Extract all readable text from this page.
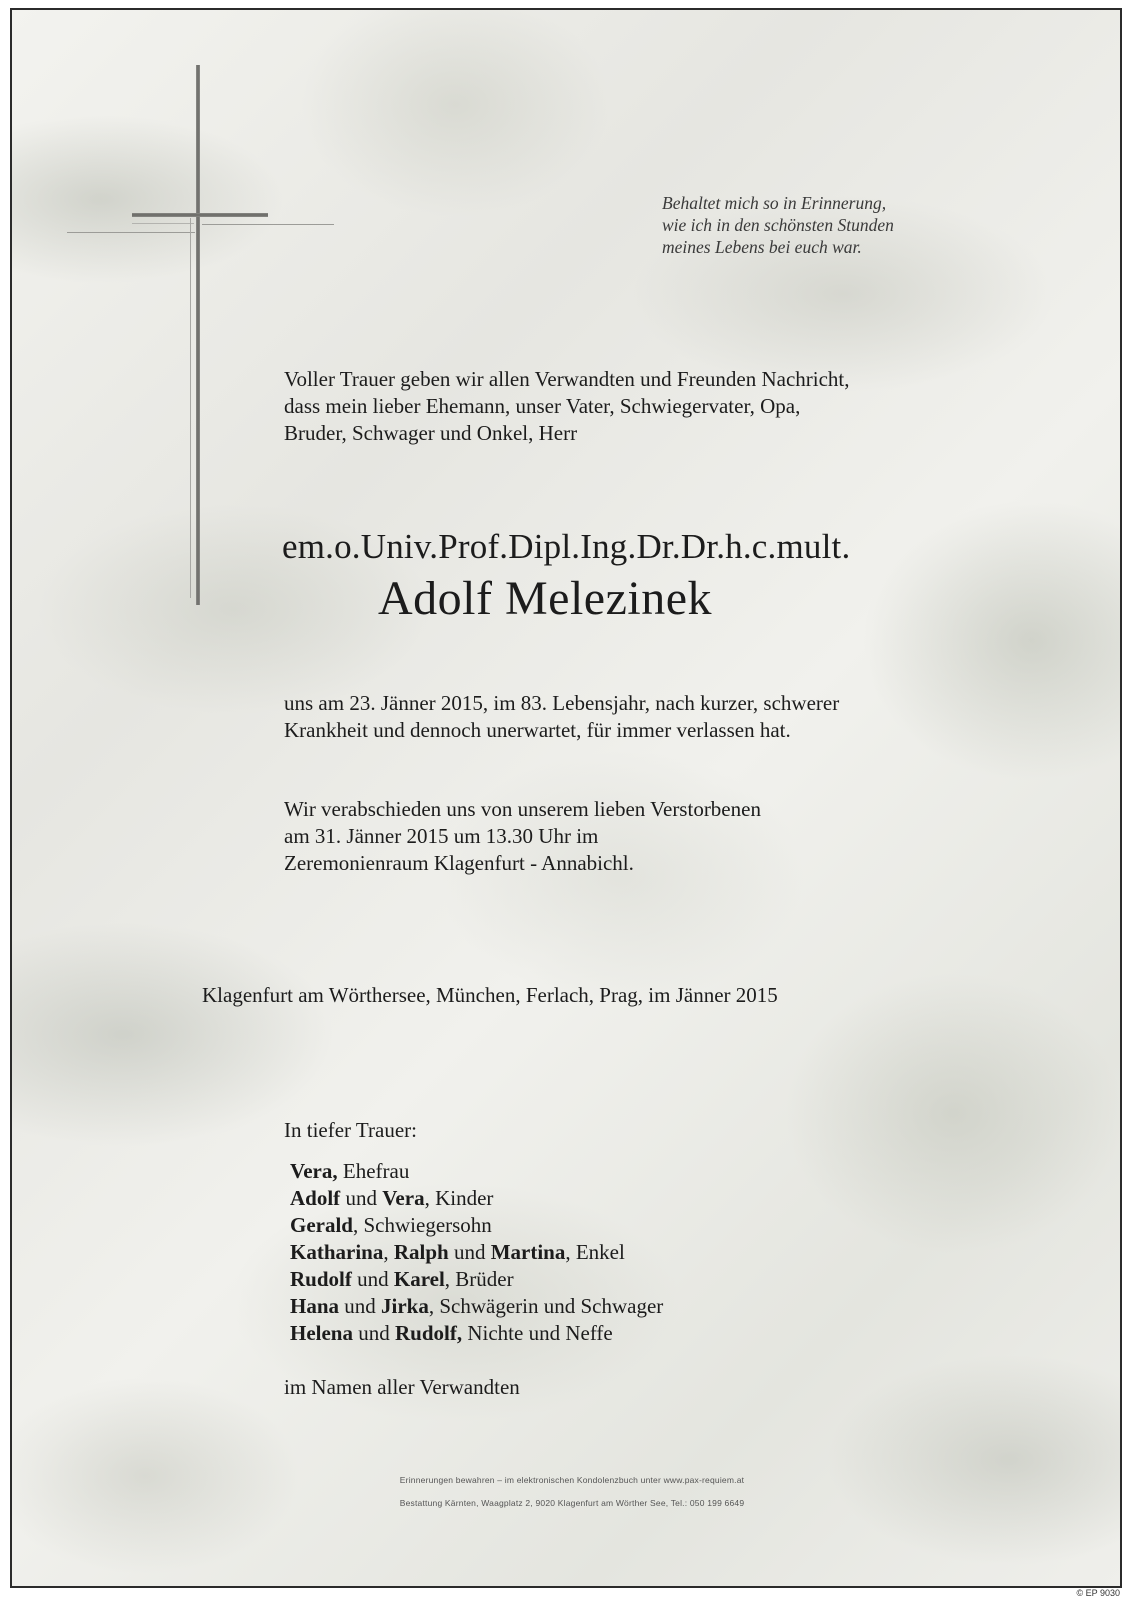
Behaltet mich so in Erinnerung,
wie ich in den schönsten Stunden
meines Lebens bei euch war.
Voller Trauer geben wir allen Verwandten und Freunden Nachricht,
dass mein lieber Ehemann, unser Vater, Schwiegervater, Opa,
Bruder, Schwager und Onkel, Herr
em.o.Univ.Prof.Dipl.Ing.Dr.Dr.h.c.mult.
Adolf Melezinek
uns am 23. Jänner 2015, im 83. Lebensjahr, nach kurzer, schwerer
Krankheit und dennoch unerwartet, für immer verlassen hat.
Wir verabschieden uns von unserem lieben Verstorbenen
am 31. Jänner 2015 um 13.30 Uhr im
Zeremonienraum Klagenfurt - Annabichl.
Klagenfurt am Wörthersee, München, Ferlach, Prag, im Jänner 2015
In tiefer Trauer:
Vera, Ehefrau
Adolf und Vera, Kinder
Gerald, Schwiegersohn
Katharina, Ralph und Martina, Enkel
Rudolf und Karel, Brüder
Hana und Jirka, Schwägerin und Schwager
Helena und Rudolf, Nichte und Neffe
im Namen aller Verwandten
Erinnerungen bewahren – im elektronischen Kondolenzbuch unter www.pax-requiem.at
Bestattung Kärnten, Waagplatz 2, 9020 Klagenfurt am Wörther See, Tel.: 050 199 6649
© EP 9030
